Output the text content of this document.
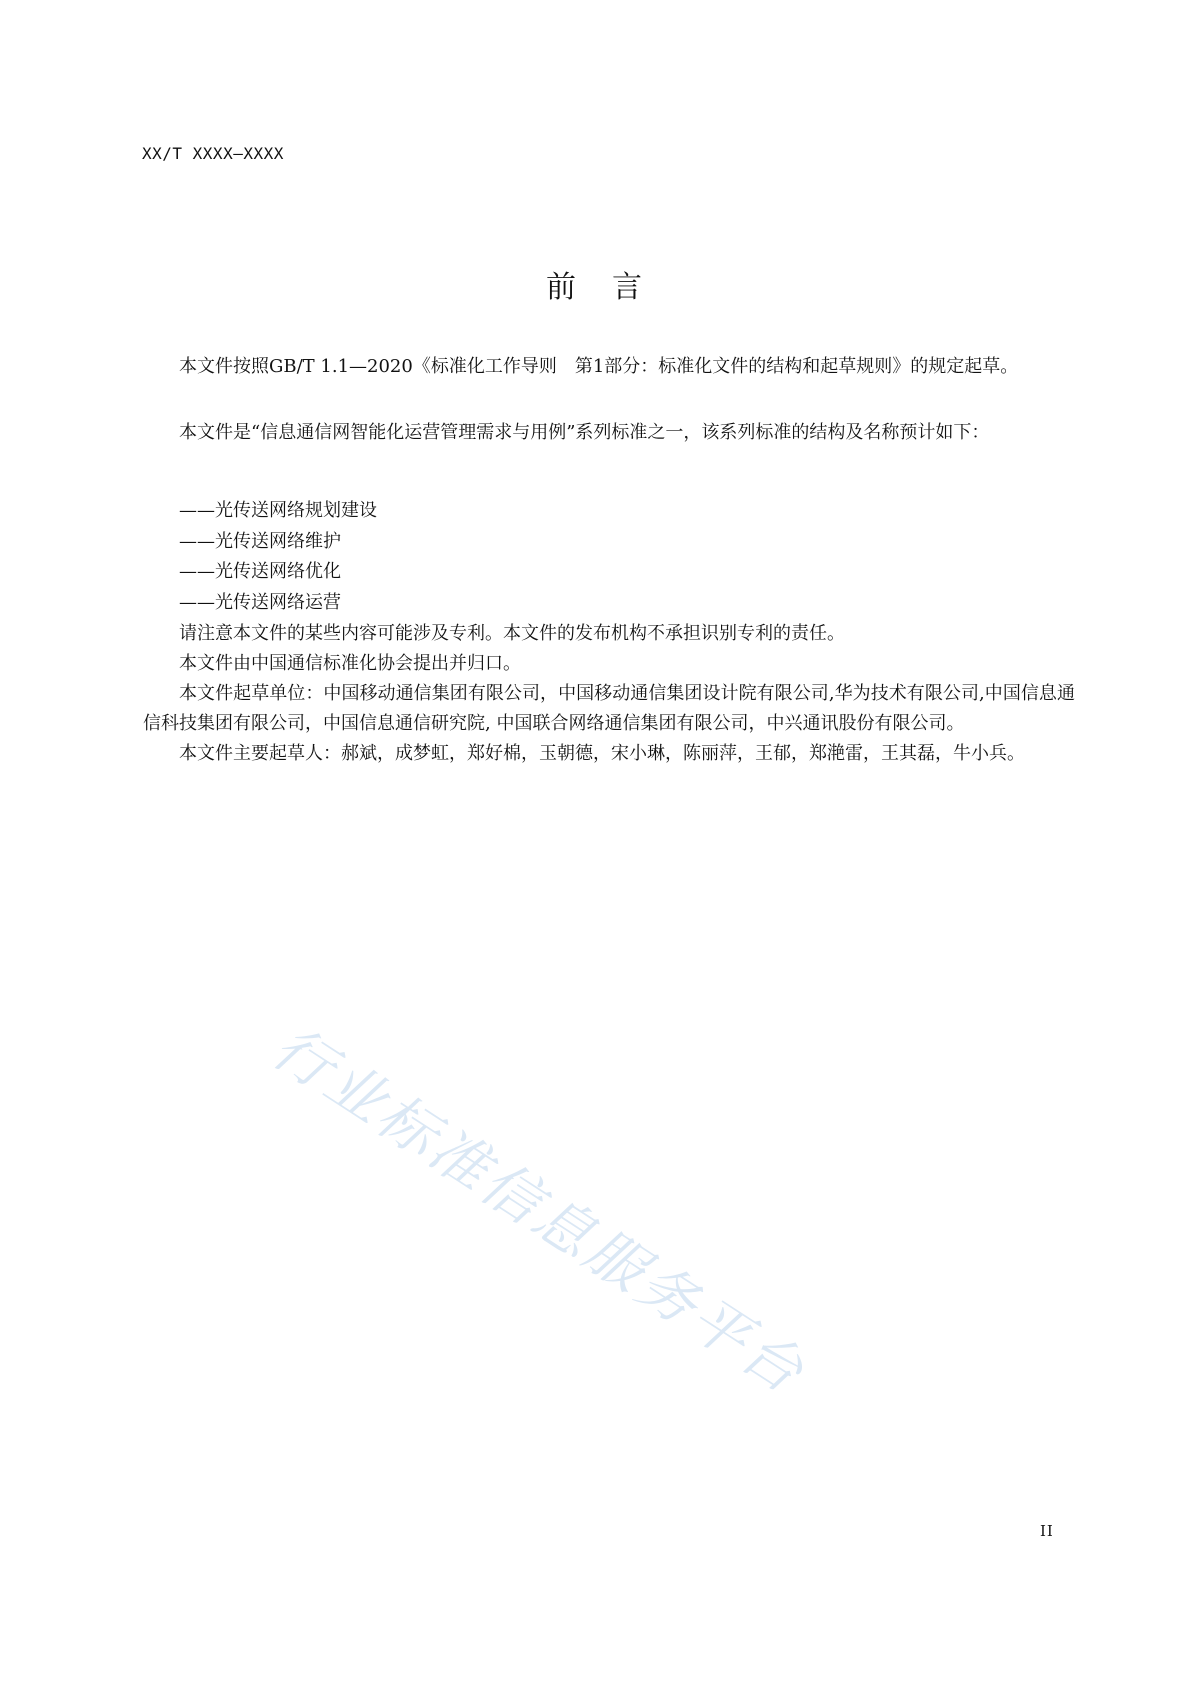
XX/T XXXX—XXXX
前 言

本文件按照GB/T 1.1—2020《标准化工作导则　第1部分：标准化文件的结构和起草规则》的规定起草。

本文件是“信息通信网智能化运营管理需求与用例”系列标准之一，该系列标准的结构及名称预计如下：

——光传送网络规划建设

——光传送网络维护

——光传送网络优化

——光传送网络运营

请注意本文件的某些内容可能涉及专利。本文件的发布机构不承担识别专利的责任。

本文件由中国通信标准化协会提出并归口。

本文件起草单位：中国移动通信集团有限公司，中国移动通信集团设计院有限公司,华为技术有限公司,中国信息通信科技集团有限公司，中国信息通信研究院, 中国联合网络通信集团有限公司，中兴通讯股份有限公司。

本文件主要起草人：郝斌，成梦虹，郑好棉，玉朝德，宋小琳，陈丽萍，王郁，郑滟雷，王其磊，牛小兵。

行业标准信息服务平台
II
